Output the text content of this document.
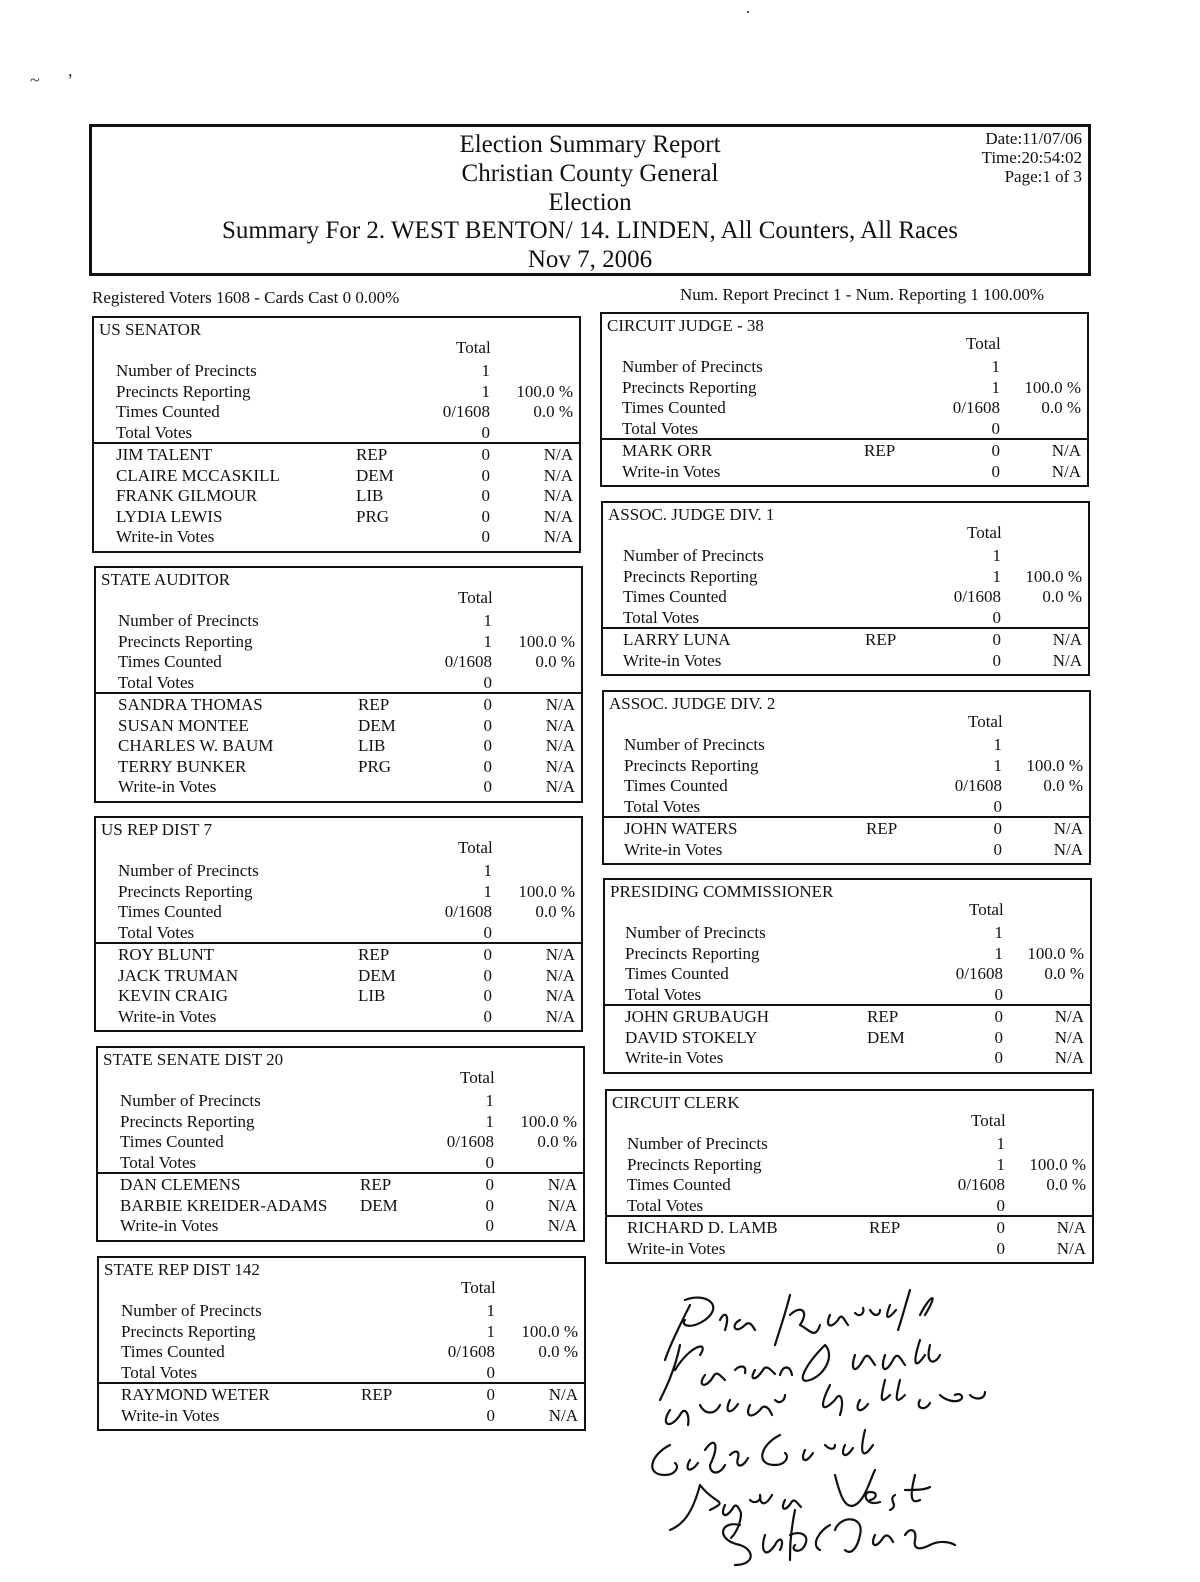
Election Summary Report
Christian County General
Election
Summary For 2. WEST BENTON/ 14. LINDEN, All Counters, All Races
Nov 7, 2006
Date:11/07/06
Time:20:54:02
Page:1 of 3
Registered Voters 1608 - Cards Cast 0 0.00%	Num. Report Precinct 1 - Num. Reporting 1 100.00%
US SENATOR
Total
Number of Precincts	1
Precincts Reporting	1 100.0 %
Times Counted	0/1608	0.0 %
Total Votes	0
JIM TALENT	REP	0	N/A
CLAIRE MCCASKILL	DEM	0	N/A
FRANK GILMOUR	LIB	0	N/A
LYDIA LEWIS	PRG	0	N/A
Write-in Votes	0	N/A
STATE AUDITOR
Total
Number of Precincts	1
Precincts Reporting	1 100.0 %
Times Counted	0/1608	0.0 %
Total Votes	0
SANDRA THOMAS	REP	0	N/A
SUSAN MONTEE	DEM	0	N/A
CHARLES W. BAUM	LIB	0	N/A
TERRY BUNKER	PRG	0	N/A
Write-in Votes	0	N/A
US REP DIST 7
Total
Number of Precincts	1
Precincts Reporting	1 100.0 %
Times Counted	0/1608	0.0 %
Total Votes	0
ROY BLUNT	REP	0	N/A
JACK TRUMAN	DEM	0	N/A
KEVIN CRAIG	LIB	0	N/A
Write-in Votes	0	N/A
STATE SENATE DIST 20
Total
Number of Precincts	1
Precincts Reporting	1 100.0 %
Times Counted	0/1608	0.0 %
Total Votes	0
DAN CLEMENS	REP	0	N/A
BARBIE KREIDER-ADAMS DEM	0	N/A
Write-in Votes	0	N/A
STATE REP DIST 142
Total
Number of Precincts	1
Precincts Reporting	1 100.0 %
Times Counted	0/1608	0.0 %
Total Votes	0
RAYMOND WETER	REP	0	N/A
Write-in Votes	0	N/A
CIRCUIT JUDGE - 38
Total
Number of Precincts	1
Precincts Reporting	1 100.0 %
Times Counted	0/1608 0.0 %
Total Votes	0
MARK ORR	REP	0	N/A
Write-in Votes	0	N/A
ASSOC. JUDGE DIV. 1
Total
Number of Precincts	1
Precincts Reporting	1 100.0 %
Times Counted	0/1608 0.0 %
Total Votes	0
LARRY LUNA	REP	0	N/A
Write-in Votes	0	N/A
ASSOC. JUDGE DIV. 2
Total
Number of Precincts	1
Precincts Reporting	1 100.0 %
Times Counted	0/1608 0.0 %
Total Votes	0
JOHN WATERS	REP	0	N/A
Write-in Votes	0	N/A
PRESIDING COMMISSIONER
Total
Number of Precincts	1
Precincts Reporting	1 100.0 %
Times Counted	0/1608 0.0 %
Total Votes	0
JOHN GRUBAUGH	REP	0	N/A
DAVID STOKELY	DEM	0	N/A
Write-in Votes	0	N/A
CIRCUIT CLERK
Total
Number of Precincts	1
Precincts Reporting	1 100.0 %
Times Counted	0/1608 0.0 %
Total Votes	0
RICHARD D. LAMB	REP	0	N/A
Write-in Votes	0	N/A
~ ,
·
